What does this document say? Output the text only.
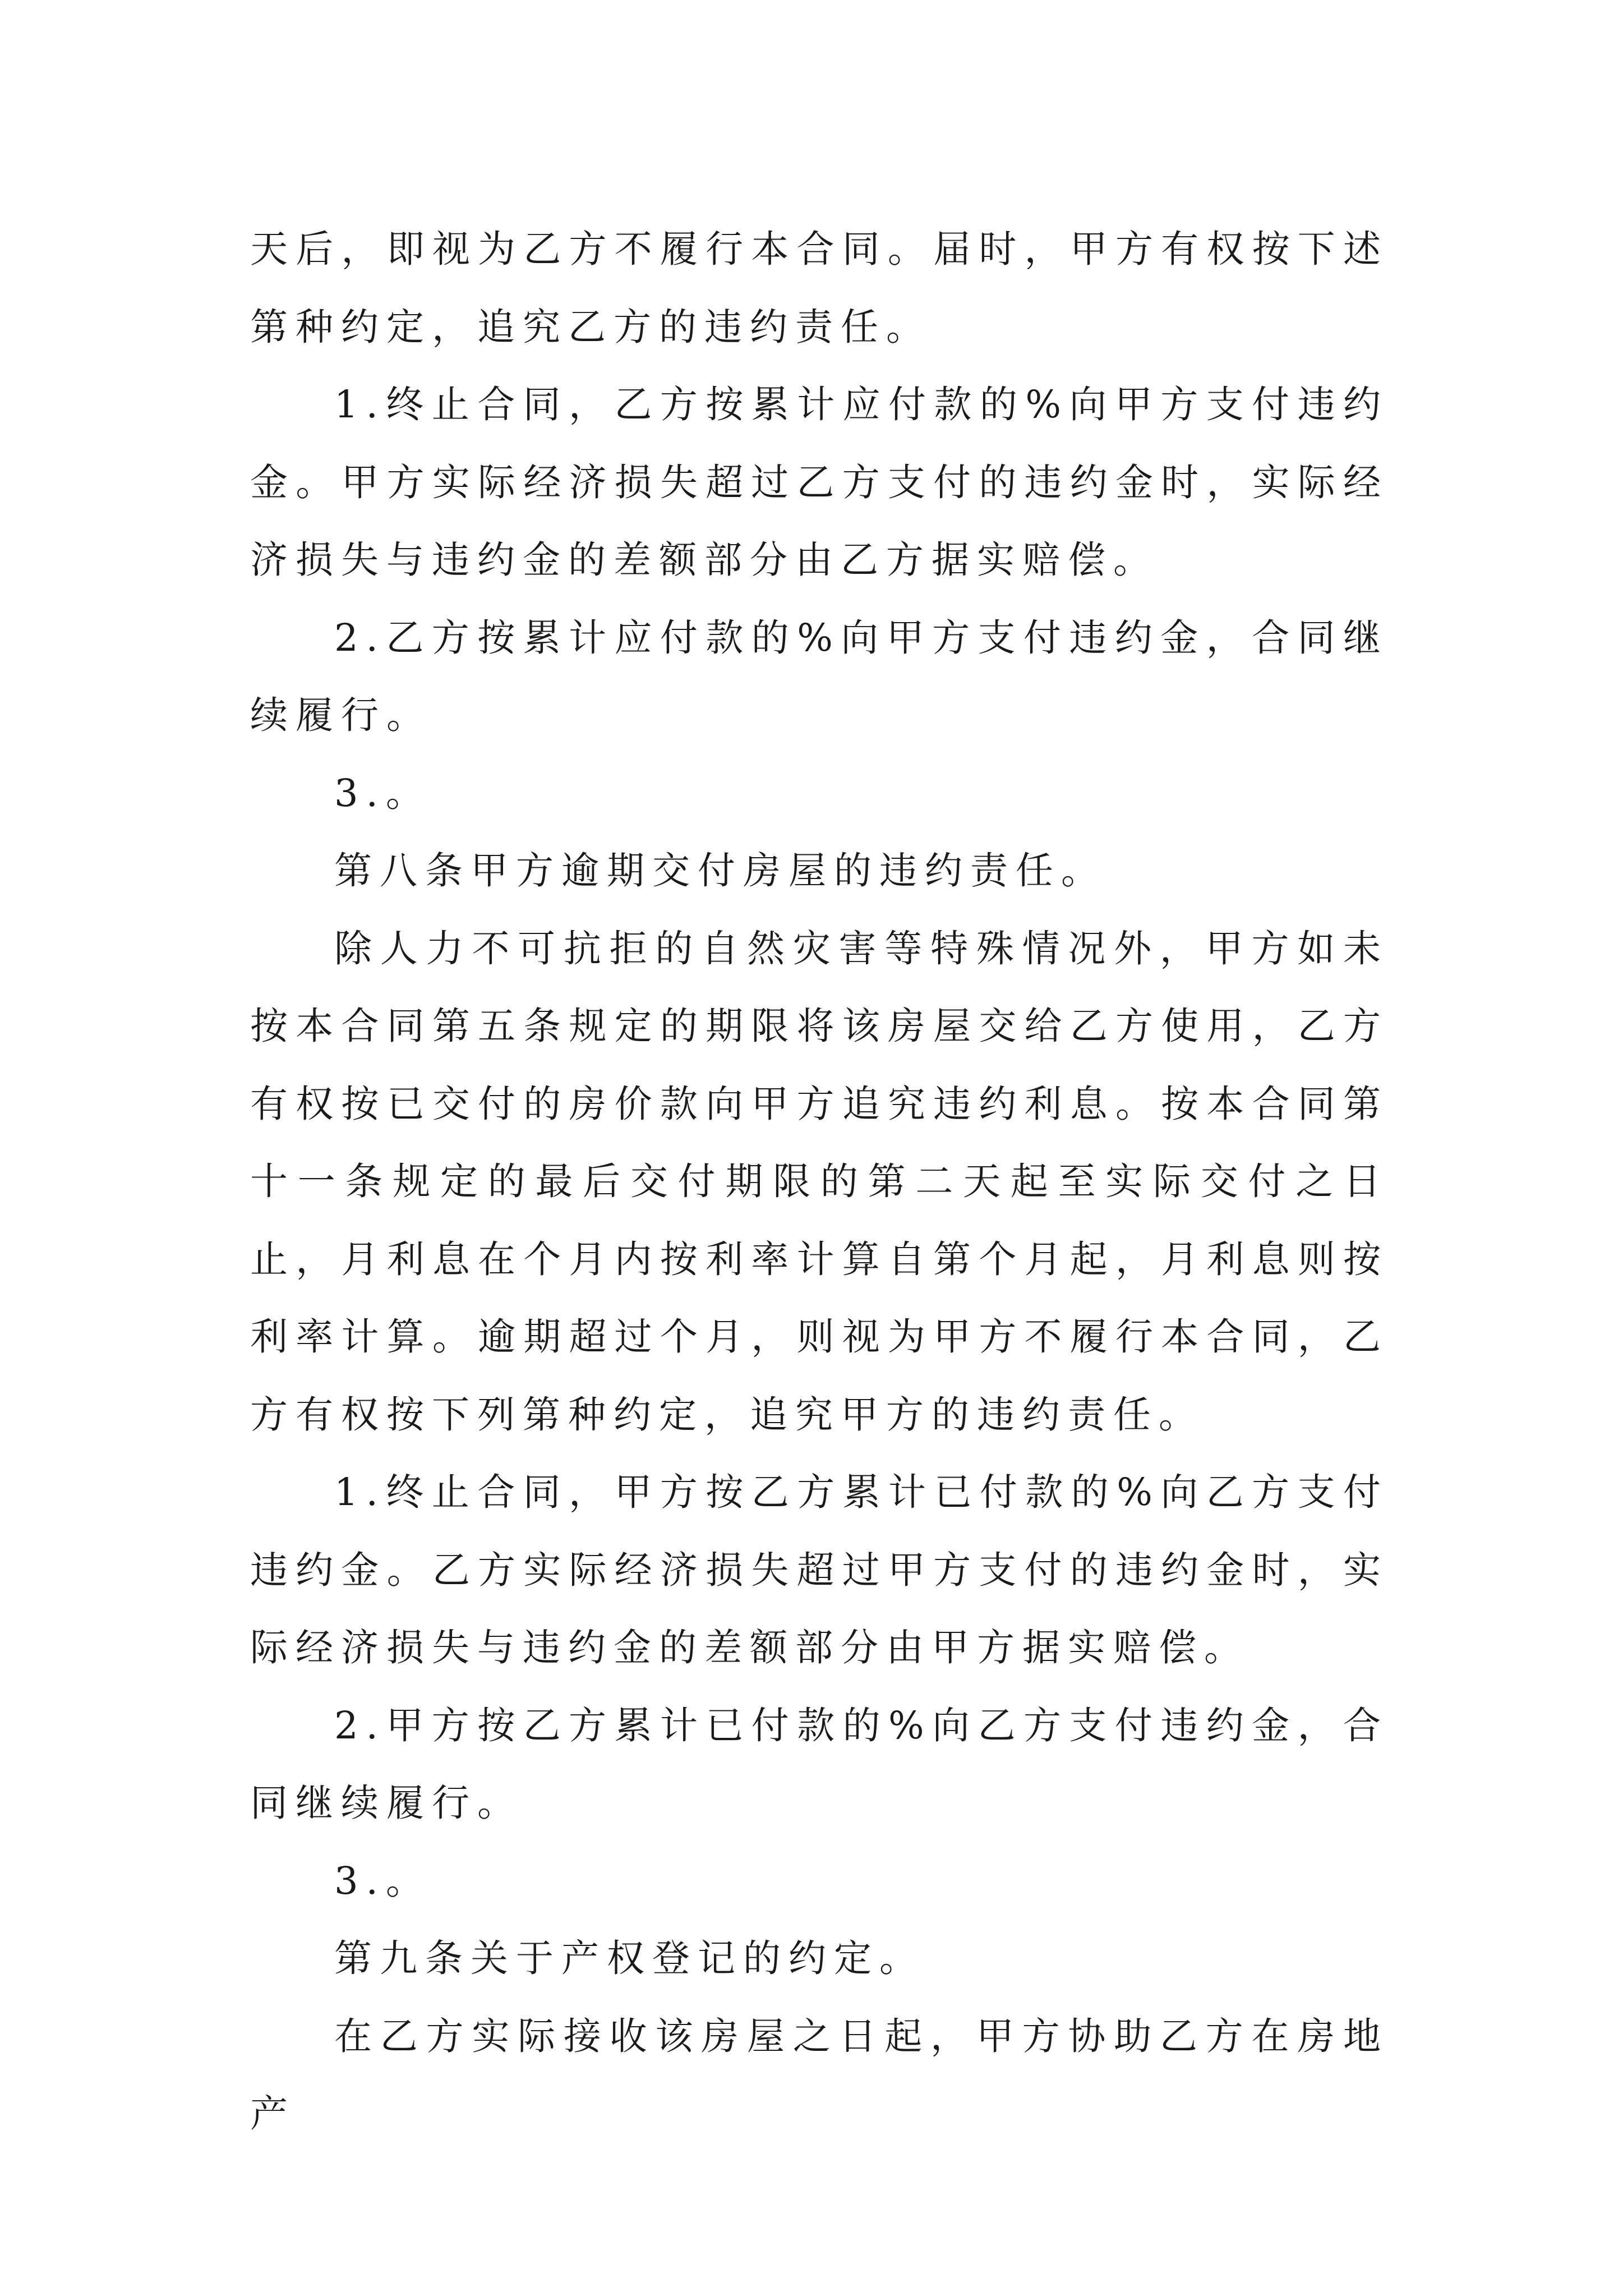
天后，即视为乙方不履行本合同。届时，甲方有权按下述第种约定，追究乙方的违约责任。

1.终止合同，乙方按累计应付款的%向甲方支付违约金。甲方实际经济损失超过乙方支付的违约金时，实际经济损失与违约金的差额部分由乙方据实赔偿。

2.乙方按累计应付款的%向甲方支付违约金，合同继续履行。

3.。

第八条甲方逾期交付房屋的违约责任。

除人力不可抗拒的自然灾害等特殊情况外，甲方如未按本合同第五条规定的期限将该房屋交给乙方使用，乙方有权按已交付的房价款向甲方追究违约利息。按本合同第十一条规定的最后交付期限的第二天起至实际交付之日止，月利息在个月内按利率计算自第个月起，月利息则按利率计算。逾期超过个月，则视为甲方不履行本合同，乙方有权按下列第种约定，追究甲方的违约责任。

1.终止合同，甲方按乙方累计已付款的%向乙方支付违约金。乙方实际经济损失超过甲方支付的违约金时，实际经济损失与违约金的差额部分由甲方据实赔偿。

2.甲方按乙方累计已付款的%向乙方支付违约金，合同继续履行。

3.。

第九条关于产权登记的约定。

在乙方实际接收该房屋之日起，甲方协助乙方在房地产
